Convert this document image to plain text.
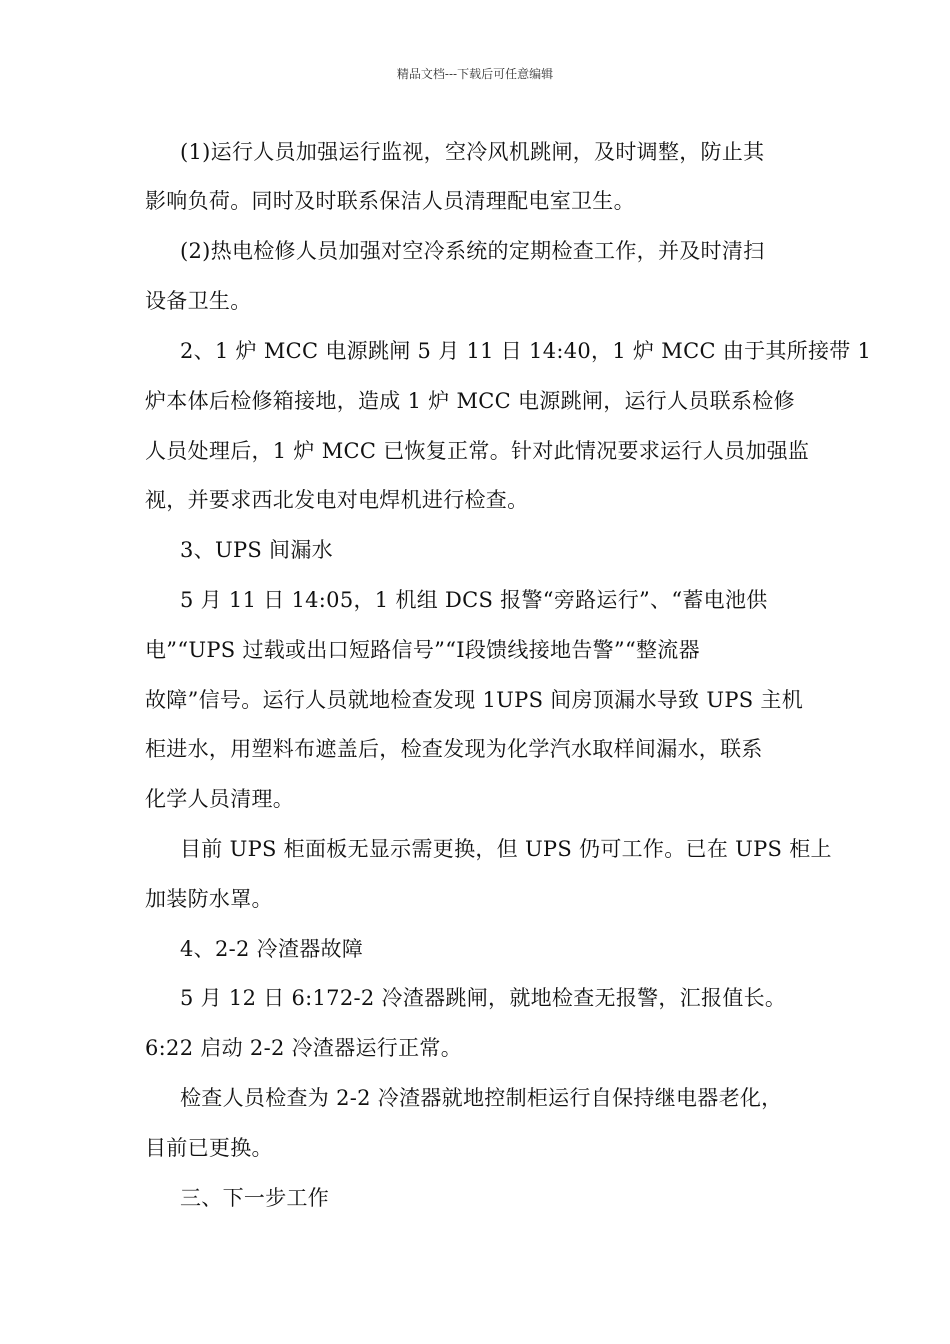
精品文档---下载后可任意编辑
(1)运行人员加强运行监视，空冷风机跳闸，及时调整，防止其
影响负荷。同时及时联系保洁人员清理配电室卫生。
(2)热电检修人员加强对空冷系统的定期检查工作，并及时清扫
设备卫生。
2、1 炉 MCC 电源跳闸 5 月 11 日 14:40，1 炉 MCC 由于其所接带 1
炉本体后检修箱接地，造成 1 炉 MCC 电源跳闸，运行人员联系检修
人员处理后，1 炉 MCC 已恢复正常。针对此情况要求运行人员加强监
视，并要求西北发电对电焊机进行检查。
3、UPS 间漏水
5 月 11 日 14:05，1 机组 DCS 报警“旁路运行”、“蓄电池供
电”“UPS 过载或出口短路信号”“Ⅰ段馈线接地告警”“整流器
故障”信号。运行人员就地检查发现 1UPS 间房顶漏水导致 UPS 主机
柜进水，用塑料布遮盖后，检查发现为化学汽水取样间漏水，联系
化学人员清理。
目前 UPS 柜面板无显示需更换，但 UPS 仍可工作。已在 UPS 柜上
加装防水罩。
4、2-2 冷渣器故障
5 月 12 日 6:172-2 冷渣器跳闸，就地检查无报警，汇报值长。
6:22 启动 2-2 冷渣器运行正常。
检查人员检查为 2-2 冷渣器就地控制柜运行自保持继电器老化，
目前已更换。
三、下一步工作
